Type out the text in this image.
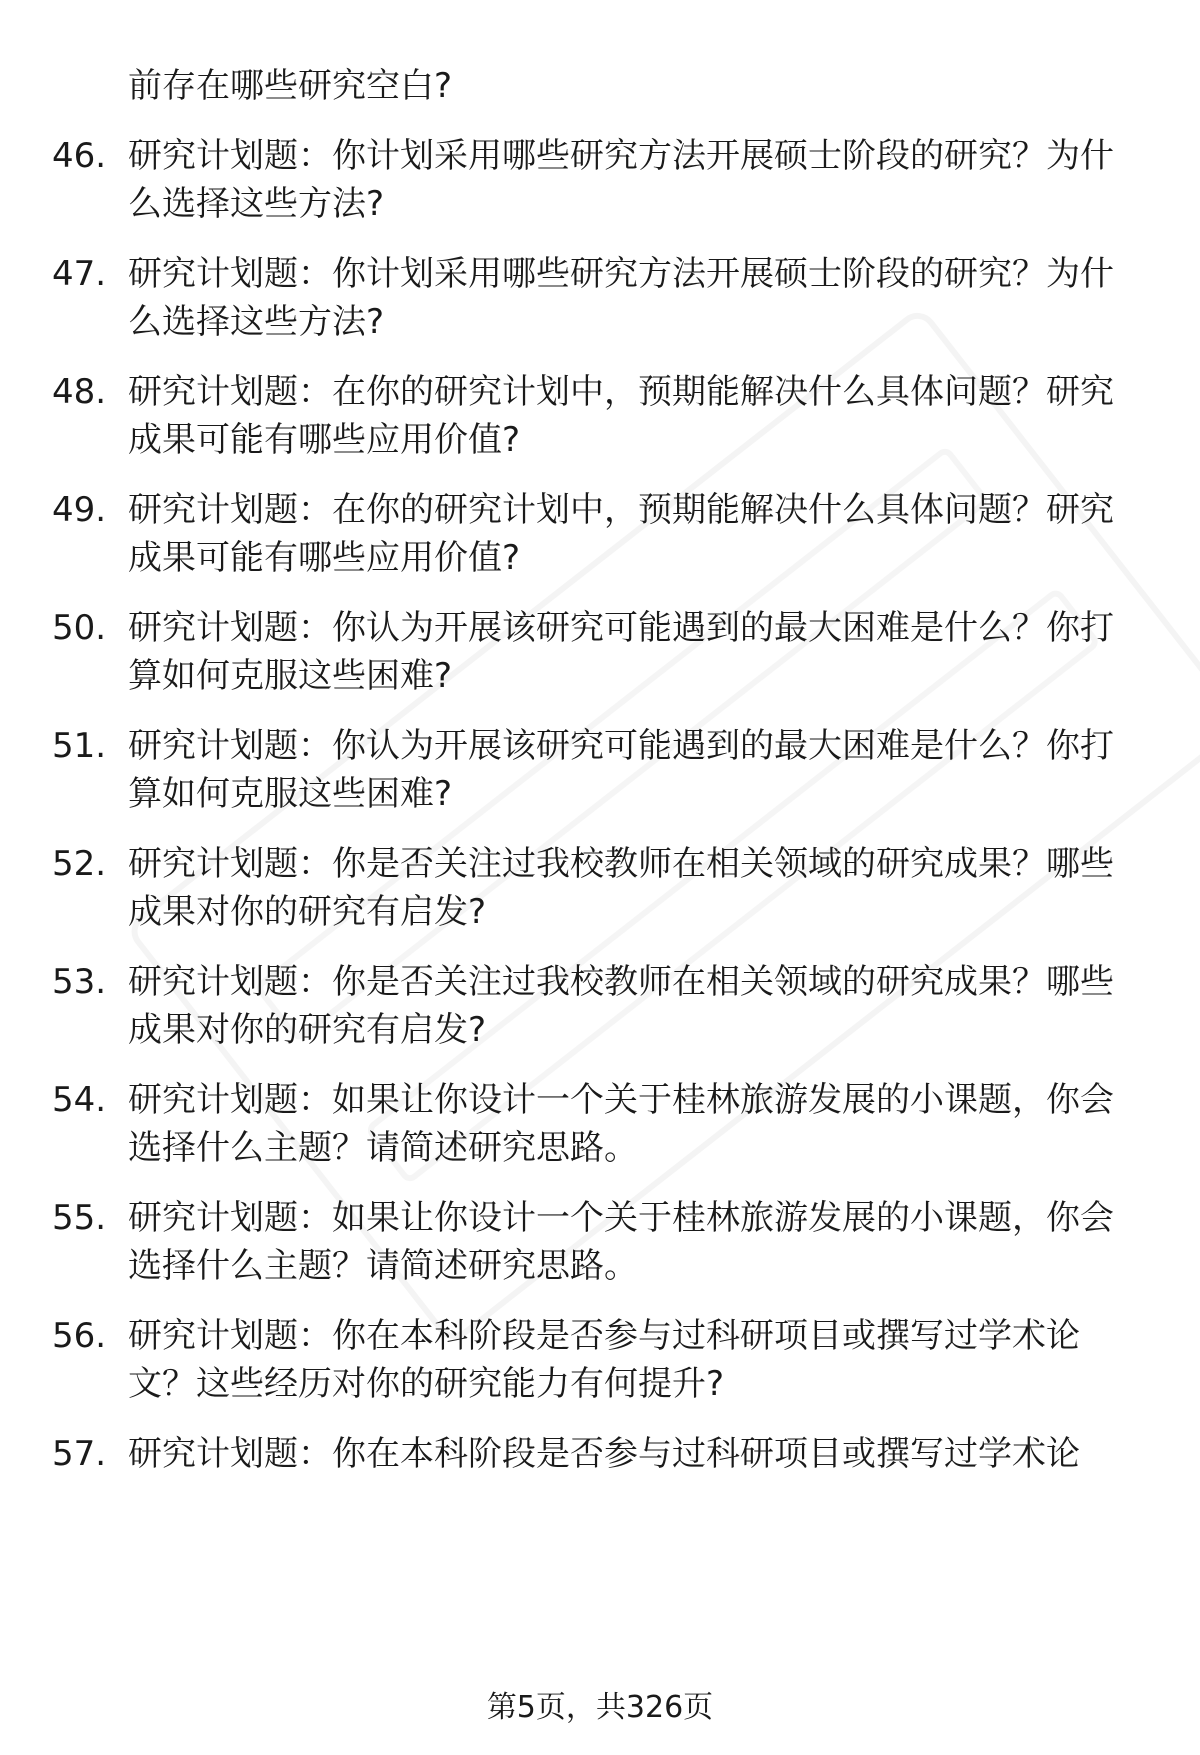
前存在哪些研究空白?

46. 研究计划题：你计划采用哪些研究方法开展硕士阶段的研究？为什么选择这些方法?

47. 研究计划题：你计划采用哪些研究方法开展硕士阶段的研究？为什么选择这些方法?

48. 研究计划题：在你的研究计划中，预期能解决什么具体问题？研究成果可能有哪些应用价值?

49. 研究计划题：在你的研究计划中，预期能解决什么具体问题？研究成果可能有哪些应用价值?

50. 研究计划题：你认为开展该研究可能遇到的最大困难是什么？你打算如何克服这些困难?

51. 研究计划题：你认为开展该研究可能遇到的最大困难是什么？你打算如何克服这些困难?

52. 研究计划题：你是否关注过我校教师在相关领域的研究成果？哪些成果对你的研究有启发?

53. 研究计划题：你是否关注过我校教师在相关领域的研究成果？哪些成果对你的研究有启发?

54. 研究计划题：如果让你设计一个关于桂林旅游发展的小课题，你会选择什么主题？请简述研究思路。

55. 研究计划题：如果让你设计一个关于桂林旅游发展的小课题，你会选择什么主题？请简述研究思路。

56. 研究计划题：你在本科阶段是否参与过科研项目或撰写过学术论文？这些经历对你的研究能力有何提升?

57. 研究计划题：你在本科阶段是否参与过科研项目或撰写过学术论

第5页，共326页
